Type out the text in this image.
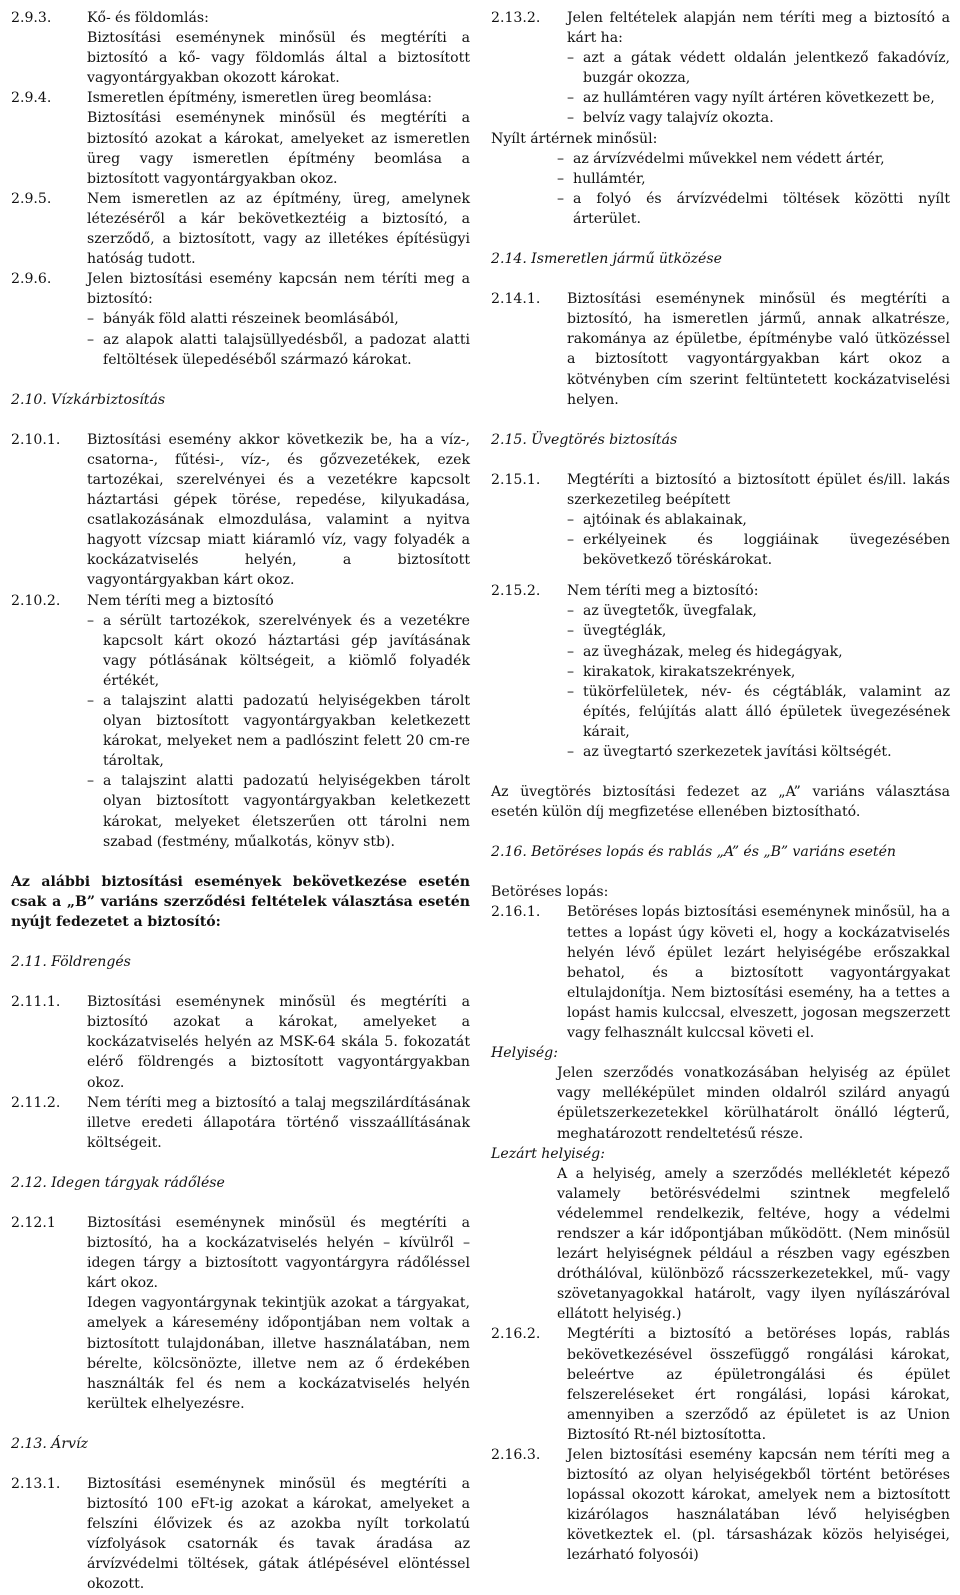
2.9.3.	Kő- és földomlás:

Biztosítási eseménynek minősül és megtéríti a biztosító a kő- vagy földomlás által a biztosított vagyontárgyakban okozott károkat.

2.9.4.	Ismeretlen építmény, ismeretlen üreg beomlása:

Biztosítási eseménynek minősül és megtéríti a biztosító azokat a károkat, amelyeket az ismeretlen üreg vagy ismeretlen építmény beomlása a biztosított vagyontárgyakban okoz.

2.9.5.	Nem ismeretlen az az építmény, üreg, amelynek létezéséről a kár bekövetkeztéig a biztosító, a szerződő, a biztosított, vagy az illetékes építésügyi hatóság tudott.

2.9.6.	Jelen biztosítási esemény kapcsán nem téríti meg a biztosító:

– bányák föld alatti részeinek beomlásából,

– az alapok alatti talajsüllyedésből, a padozat alatti feltöltések ülepedéséből származó károkat.

2.10. Vízkárbiztosítás

2.10.1. Biztosítási esemény akkor következik be, ha a víz-, csatorna-, fűtési-, víz-, és gőzvezetékek, ezek tartozékai, szerelvényei és a vezetékre kapcsolt háztartási gépek törése, repedése, kilyukadása, csatlakozásának elmozdulása, valamint a nyitva hagyott vízcsap miatt kiáramló víz, vagy folyadék a kockázatviselés helyén, a biztosított vagyontárgyakban kárt okoz.

2.10.2. Nem téríti meg a biztosító

– a sérült tartozékok, szerelvények és a vezetékre kapcsolt kárt okozó háztartási gép javításának vagy pótlásának költségeit, a kiömlő folyadék értékét,

– a talajszint alatti padozatú helyiségekben tárolt olyan biztosított vagyontárgyakban keletkezett károkat, melyeket nem a padlószint felett 20 cm-re tároltak,

– a talajszint alatti padozatú helyiségekben tárolt olyan biztosított vagyontárgyakban keletkezett károkat, melyeket életszerűen ott tárolni nem szabad (festmény, műalkotás, könyv stb).

Az alábbi biztosítási események bekövetkezése esetén csak a „B” variáns szerződési feltételek választása esetén nyújt fedezetet a biztosító:

2.11. Földrengés

2.11.1. Biztosítási eseménynek minősül és megtéríti a biztosító azokat a károkat, amelyeket a kockázatviselés helyén az MSK-64 skála 5. fokozatát elérő földrengés a biztosított vagyontárgyakban okoz.

2.11.2. Nem téríti meg a biztosító a talaj megszilárdításának illetve eredeti állapotára történő visszaállításának költségeit.

2.12. Idegen tárgyak rádőlése

2.12.1 Biztosítási eseménynek minősül és megtéríti a biztosító, ha a kockázatviselés helyén – kívülről – idegen tárgy a biztosított vagyontárgyra rádőléssel kárt okoz.

Idegen vagyontárgynak tekintjük azokat a tárgyakat, amelyek a káresemény időpontjában nem voltak a biztosított tulajdonában, illetve használatában, nem bérelte, kölcsönözte, illetve nem az ő érdekében használták fel és nem a kockázatviselés helyén kerültek elhelyezésre.

2.13. Árvíz

2.13.1. Biztosítási eseménynek minősül és megtéríti a biztosító 100 eFt-ig azokat a károkat, amelyeket a felszíni élővizek és az azokba nyílt torkolatú vízfolyások csatornák és tavak áradása az árvízvédelmi töltések, gátak átlépésével elöntéssel okozott.

2.13.2. Jelen feltételek alapján nem téríti meg a biztosító a kárt ha:

– azt a gátak védett oldalán jelentkező fakadóvíz, buzgár okozza,

– az hullámtéren vagy nyílt ártéren következett be,

– belvíz vagy talajvíz okozta.

Nyílt ártérnek minősül:

– az árvízvédelmi művekkel nem védett ártér,

– hullámtér,

– a folyó és árvízvédelmi töltések közötti nyílt árterület.

2.14. Ismeretlen jármű ütközése

2.14.1. Biztosítási eseménynek minősül és megtéríti a biztosító, ha ismeretlen jármű, annak alkatrésze, rakománya az épületbe, építménybe való ütközéssel a biztosított vagyontárgyakban kárt okoz a kötvényben cím szerint feltüntetett kockázatviselési helyen.

2.15. Üvegtörés biztosítás

2.15.1. Megtéríti a biztosító a biztosított épület és/ill. lakás szerkezetileg beépített

– ajtóinak és ablakainak,

– erkélyeinek és loggiáinak üvegezésében bekövetkező töréskárokat.

2.15.2. Nem téríti meg a biztosító:

– az üvegtetők, üvegfalak,

– üvegtéglák,

– az üvegházak, meleg és hidegágyak,

– kirakatok, kirakatszekrények,

– tükörfelületek, név- és cégtáblák, valamint az építés, felújítás alatt álló épületek üvegezésének kárait,

– az üvegtartó szerkezetek javítási költségét.

Az üvegtörés biztosítási fedezet az „A” variáns választása esetén külön díj megfizetése ellenében biztosítható.

2.16. Betöréses lopás és rablás „A” és „B” variáns esetén

Betöréses lopás:

2.16.1. Betöréses lopás biztosítási eseménynek minősül, ha a tettes a lopást úgy követi el, hogy a kockázatviselés helyén lévő épület lezárt helyiségébe erőszakkal behatol, és a biztosított vagyontárgyakat eltulajdonítja. Nem biztosítási esemény, ha a tettes a lopást hamis kulccsal, elveszett, jogosan megszerzett vagy felhasznált kulccsal követi el.

Helyiség:

Jelen szerződés vonatkozásában helyiség az épület vagy melléképület minden oldalról szilárd anyagú épületszerkezetekkel körülhatárolt önálló légterű, meghatározott rendeltetésű része.

Lezárt helyiség:

A a helyiség, amely a szerződés mellékletét képező valamely betörésvédelmi szintnek megfelelő védelemmel rendelkezik, feltéve, hogy a védelmi rendszer a kár időpontjában működött. (Nem minősül lezárt helyiségnek például a részben vagy egészben dróthálóval, különböző rácsszerkezetekkel, mű- vagy szövetanyagokkal határolt, vagy ilyen nyílászáróval ellátott helyiség.)

2.16.2. Megtéríti a biztosító a betöréses lopás, rablás bekövetkezésével összefüggő rongálási károkat, beleértve az épületrongálási és épület felszereléseket ért rongálási, lopási károkat, amennyiben a szerződő az épületet is az Union Biztosító Rt-nél biztosította.

2.16.3. Jelen biztosítási esemény kapcsán nem téríti meg a biztosító az olyan helyiségekből történt betöréses lopással okozott károkat, amelyek nem a biztosított kizárólagos használatában lévő helyiségben következtek el. (pl. társasházak közös helyiségei, lezárható folyosói)
